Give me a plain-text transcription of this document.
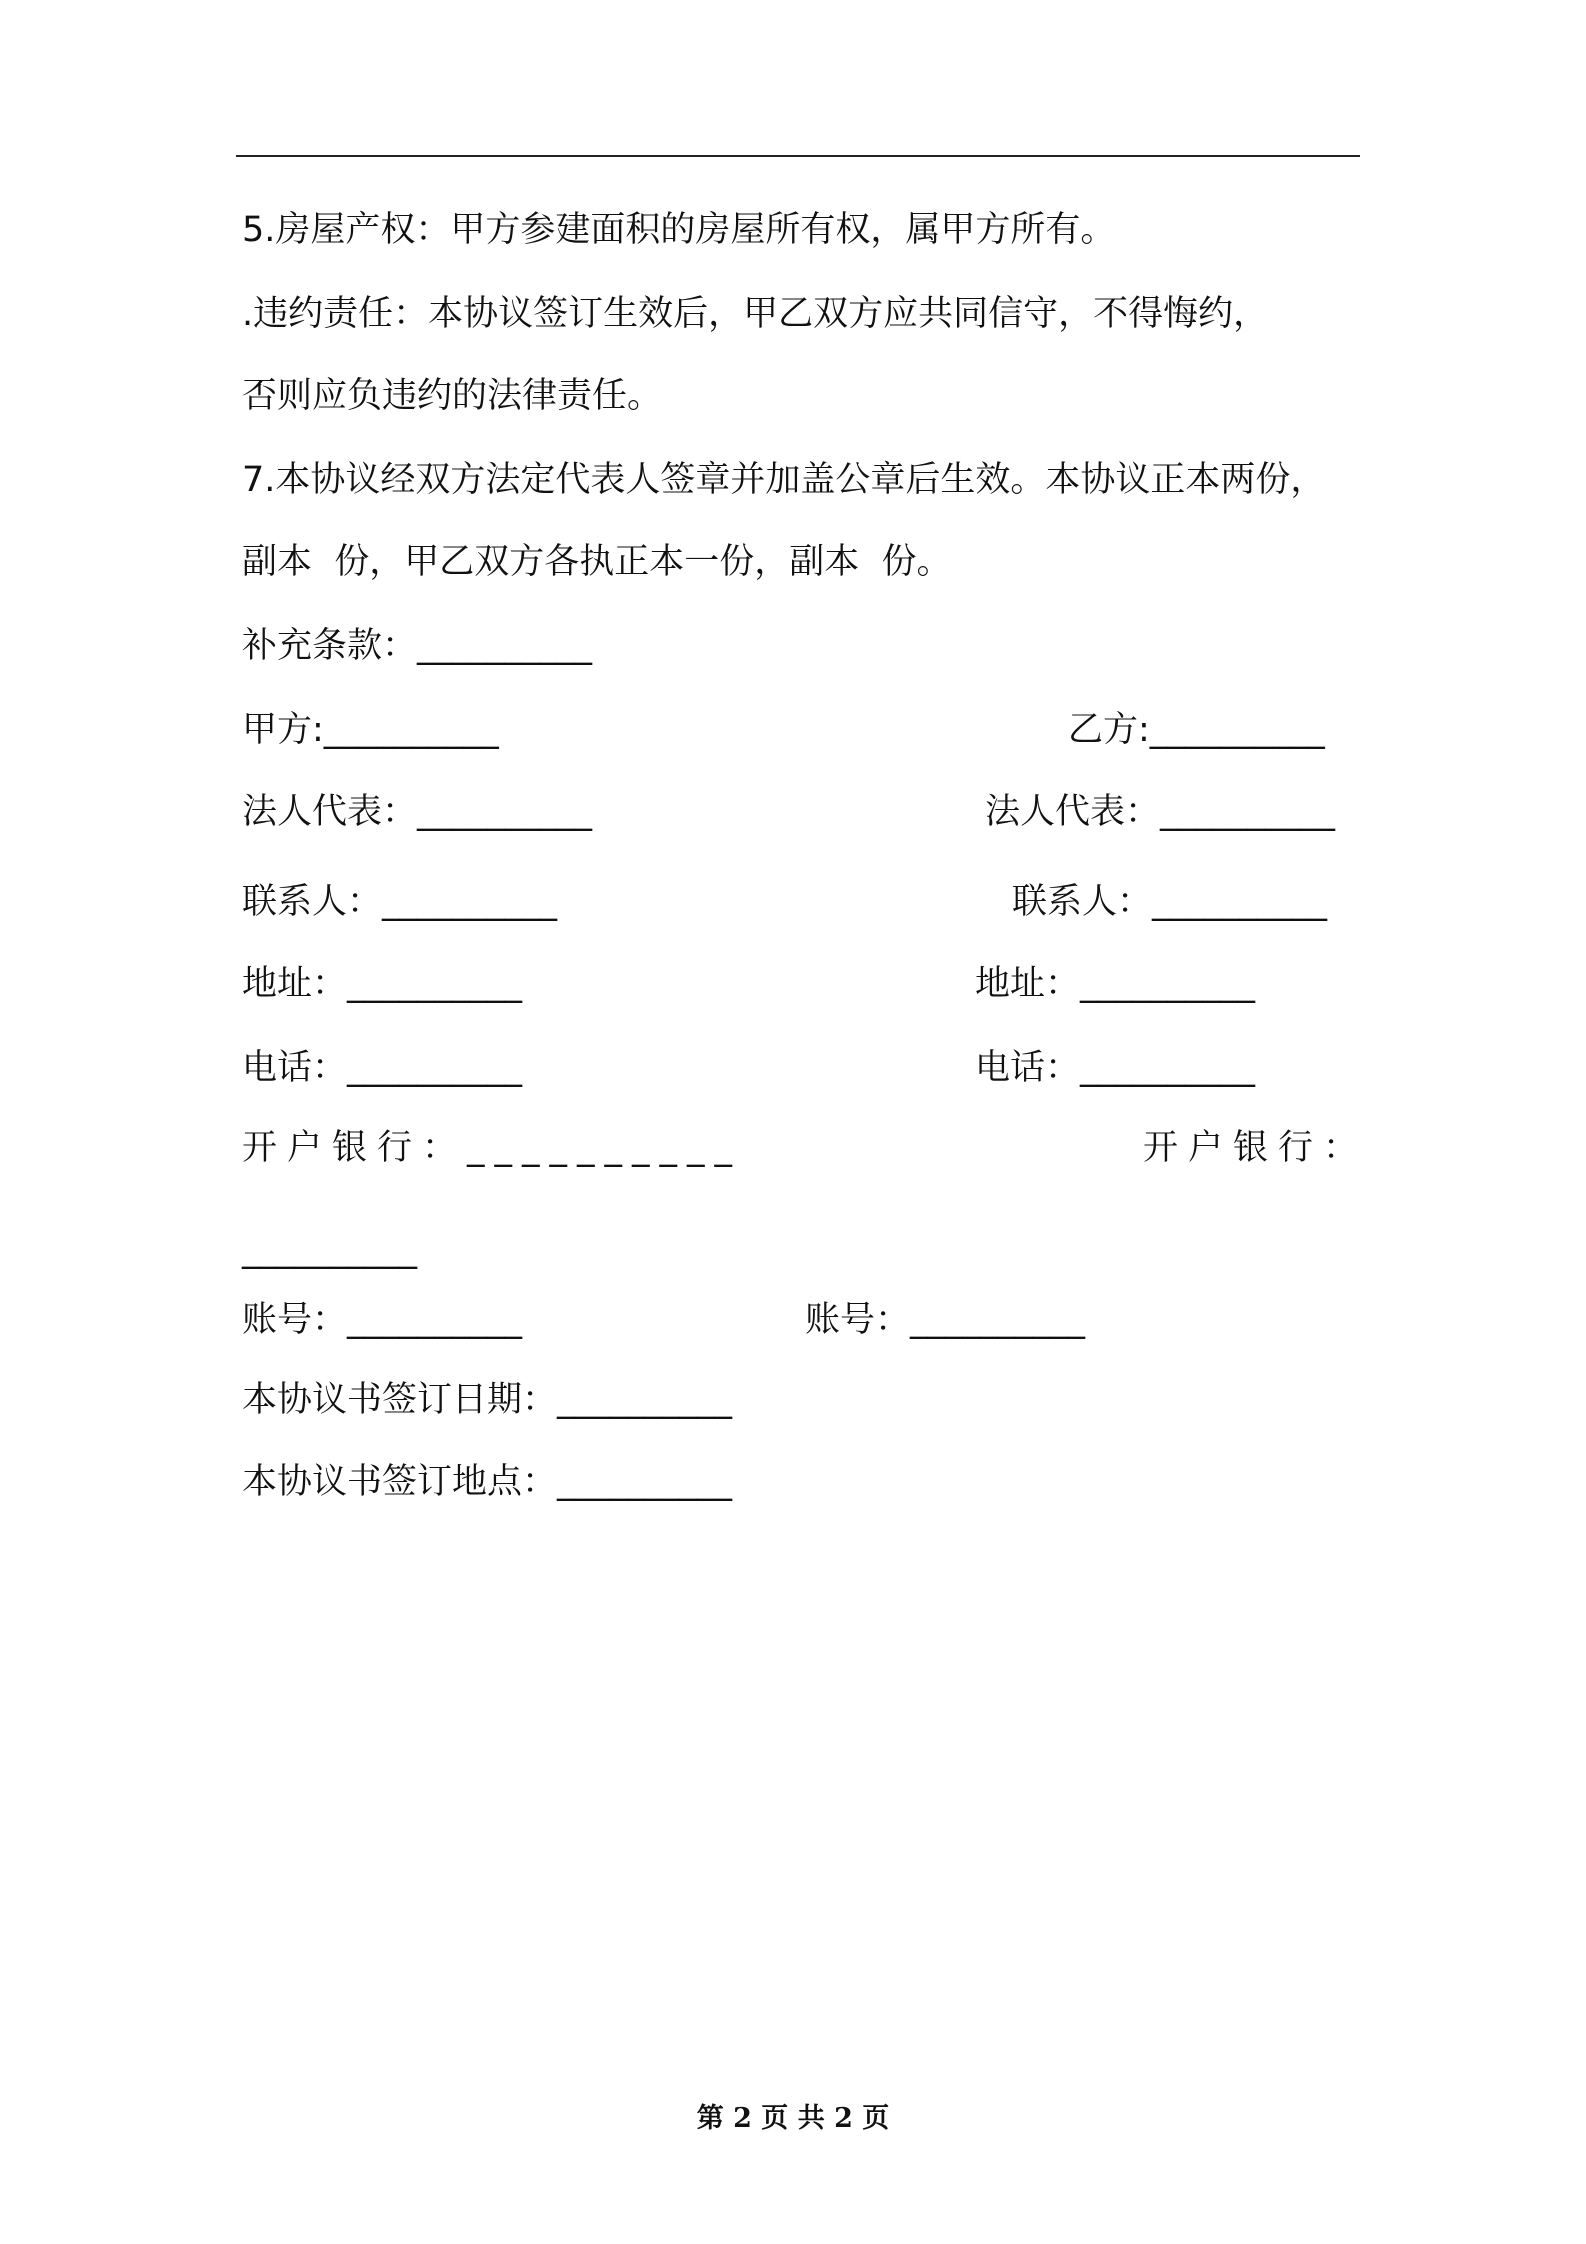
5.房屋产权：甲方参建面积的房屋所有权，属甲方所有。
.违约责任：本协议签订生效后，甲乙双方应共同信守，不得悔约，
否则应负违约的法律责任。
7.本协议经双方法定代表人签章并加盖公章后生效。本协议正本两份，
副本  份，甲乙双方各执正本一份，副本  份。
补充条款：__________
甲方:__________	乙方:__________
法人代表：__________	法人代表：__________
联系人：__________	联系人：__________
地址：__________	地址：__________
电话：__________	电话：__________
开户银行：__________	开户银行：
__________
账号：__________	账号：__________
本协议书签订日期：__________
本协议书签订地点：__________
第 2 页 共 2 页
